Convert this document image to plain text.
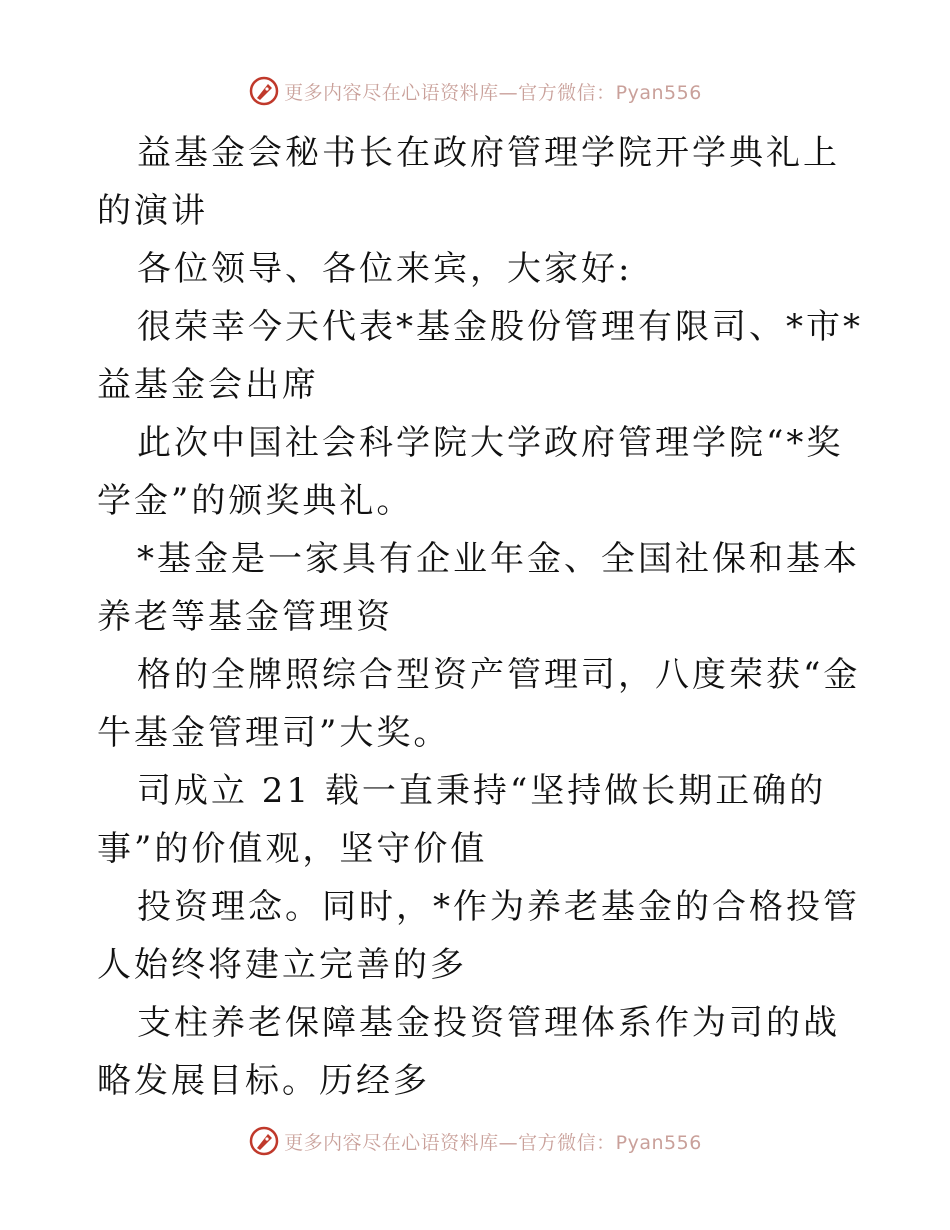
更多内容尽在心语资料库—官方微信：Pyan556

益基金会秘书长在政府管理学院开学典礼上的演讲

各位领导、各位来宾，大家好:

很荣幸今天代表*基金股份管理有限司、*市*益基金会出席

此次中国社会科学院大学政府管理学院“*奖学金”的颁奖典礼。

*基金是一家具有企业年金、全国社保和基本养老等基金管理资

格的全牌照综合型资产管理司，八度荣获“金牛基金管理司”大奖。

司成立 21 载一直秉持“坚持做长期正确的事”的价值观，坚守价值

投资理念。同时，*作为养老基金的合格投管人始终将建立完善的多

支柱养老保障基金投资管理体系作为司的战略发展目标。历经多

更多内容尽在心语资料库—官方微信：Pyan556
